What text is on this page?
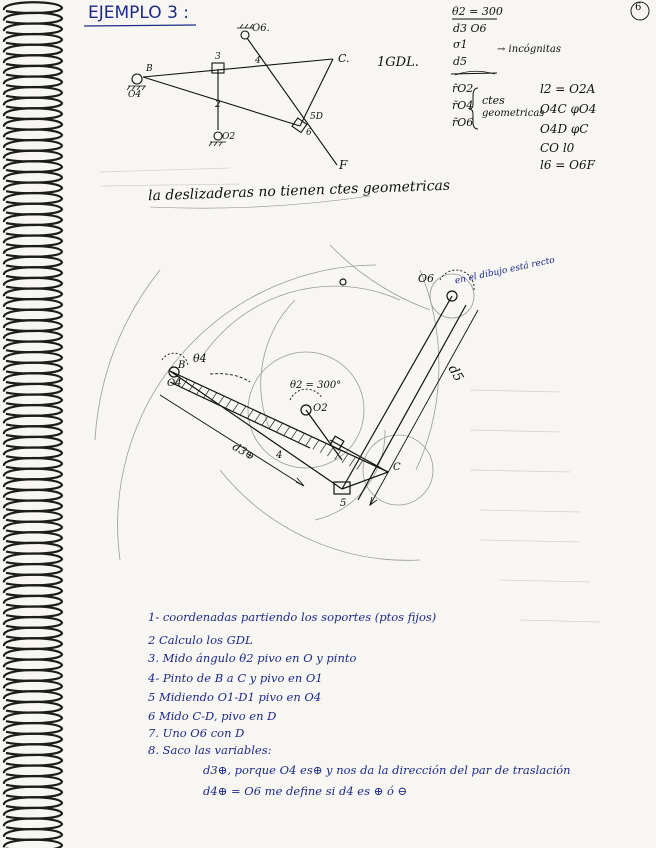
EJEMPLO 3 :	6
1GDL.
O6.
C.
B
O4
3	4
2
O2
5D
6
F
la deslizaderas no tienen ctes geometricas
θ2 = 300
d3 O6
σ1
d5
→ incógnitas
r̄O2
r̄O4
r̄O6
ctes
geometricas
l2 = O2A
O4C φO4
O4D φC
CO l0
l6 = O6F
O6 en el dibujo está recto
θ2 = 300°
O2
B
O4
θ4
d3⊕ 4
d5
C
5
1- coordenadas partiendo los soportes (ptos fijos)
2 Calculo los GDL
3. Mido ángulo θ2 pivo en O y pinto
4- Pinto de B a C y pivo en O1
5 Midiendo O1-D1 pivo en O4
6 Mido C-D, pivo en D
7. Uno O6 con D
8. Saco las variables:
d3⊕, porque O4 es⊕ y nos da la dirección del par de traslación
d4⊕ = O6 me define si d4 es ⊕ ó ⊖
